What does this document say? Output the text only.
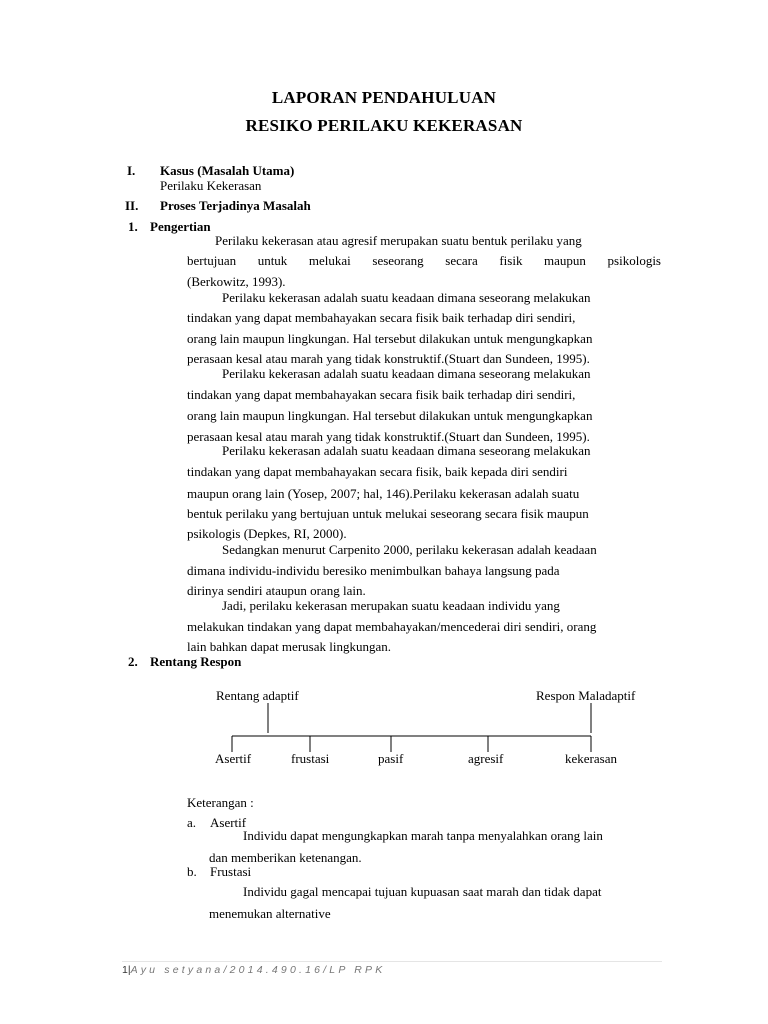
LAPORAN PENDAHULUAN
RESIKO PERILAKU KEKERASAN
I. Kasus (Masalah Utama)
Perilaku Kekerasan
II. Proses Terjadinya Masalah
1. Pengertian
Perilaku kekerasan atau agresif merupakan suatu bentuk perilaku yang
bertujuan untuk melukai seseorang secara fisik maupun psikologis
(Berkowitz, 1993).
Perilaku kekerasan adalah suatu keadaan dimana seseorang melakukan
tindakan yang dapat membahayakan secara fisik baik terhadap diri sendiri,
orang lain maupun lingkungan. Hal tersebut dilakukan untuk mengungkapkan
perasaan kesal atau marah yang tidak konstruktif.(Stuart dan Sundeen, 1995).
Perilaku kekerasan adalah suatu keadaan dimana seseorang melakukan
tindakan yang dapat membahayakan secara fisik baik terhadap diri sendiri,
orang lain maupun lingkungan. Hal tersebut dilakukan untuk mengungkapkan
perasaan kesal atau marah yang tidak konstruktif.(Stuart dan Sundeen, 1995).
Perilaku kekerasan adalah suatu keadaan dimana seseorang melakukan
tindakan yang dapat membahayakan secara fisik, baik kepada diri sendiri
maupun orang lain (Yosep, 2007; hal, 146).Perilaku kekerasan adalah suatu
bentuk perilaku yang bertujuan untuk melukai seseorang secara fisik maupun
psikologis (Depkes, RI, 2000).
Sedangkan menurut Carpenito 2000, perilaku kekerasan adalah keadaan
dimana individu-individu beresiko menimbulkan bahaya langsung pada
dirinya sendiri ataupun orang lain.
Jadi, perilaku kekerasan merupakan suatu keadaan individu yang
melakukan tindakan yang dapat membahayakan/mencederai diri sendiri, orang
lain bahkan dapat merusak lingkungan.
2. Rentang Respon
Rentang adaptif	Respon Maladaptif
Asertif	frustasi	pasif	agresif	kekerasan
Keterangan :
a. Asertif
Individu dapat mengungkapkan marah tanpa menyalahkan orang lain
dan memberikan ketenangan.
b. Frustasi
Individu gagal mencapai tujuan kupuasan saat marah dan tidak dapat
menemukan alternative
1|Ayu setyana/2014.490.16/LP RPK
